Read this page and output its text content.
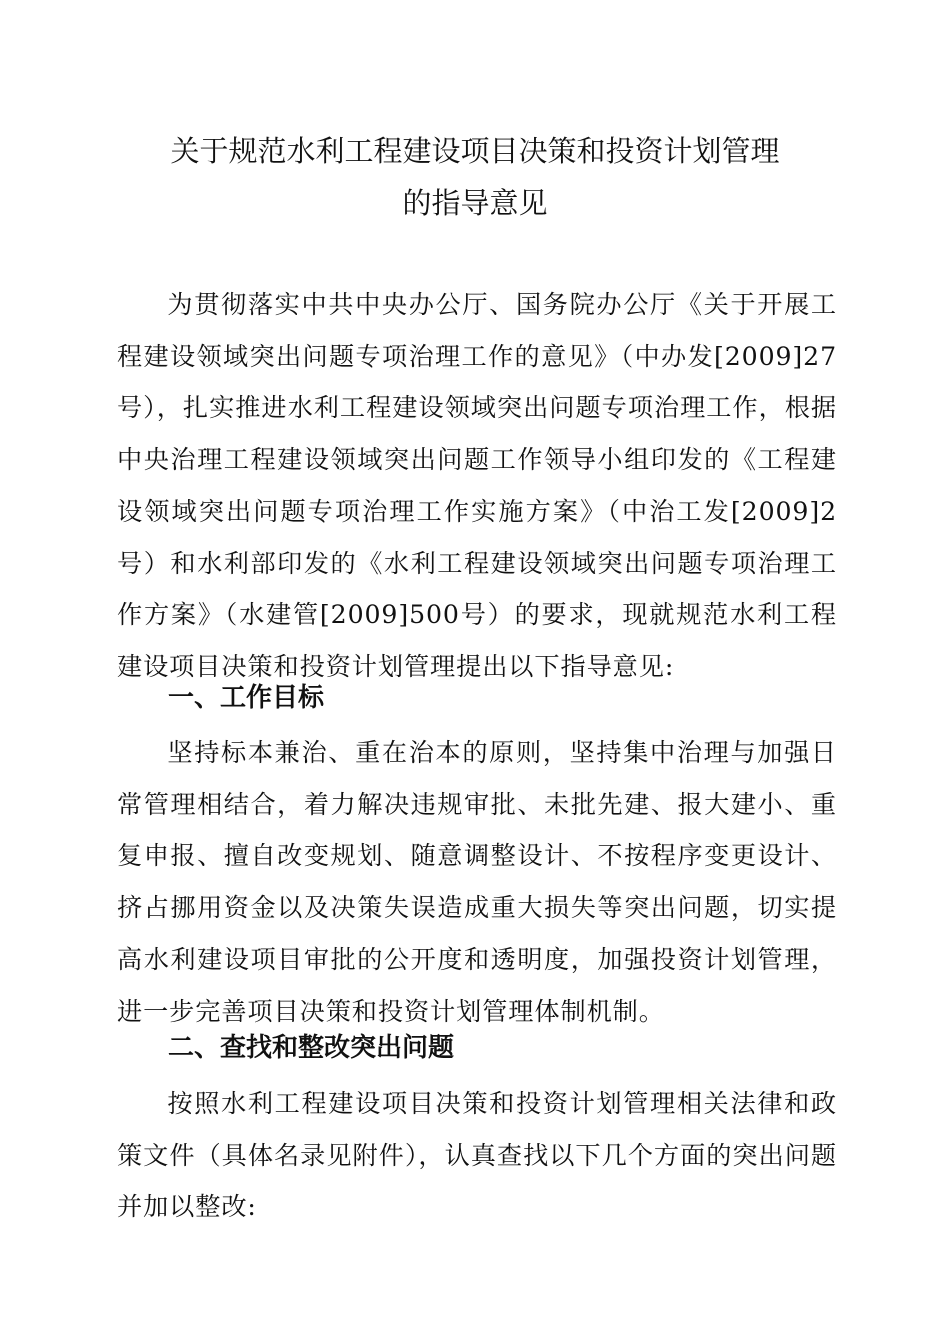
关于规范水利工程建设项目决策和投资计划管理
的指导意见

为贯彻落实中共中央办公厅、国务院办公厅《关于开展工程建设领域突出问题专项治理工作的意见》（中办发[2009]27号），扎实推进水利工程建设领域突出问题专项治理工作，根据中央治理工程建设领域突出问题工作领导小组印发的《工程建设领域突出问题专项治理工作实施方案》（中治工发[2009]2号）和水利部印发的《水利工程建设领域突出问题专项治理工作方案》（水建管[2009]500号）的要求，现就规范水利工程建设项目决策和投资计划管理提出以下指导意见:

一、工作目标

坚持标本兼治、重在治本的原则，坚持集中治理与加强日常管理相结合，着力解决违规审批、未批先建、报大建小、重复申报、擅自改变规划、随意调整设计、不按程序变更设计、挤占挪用资金以及决策失误造成重大损失等突出问题，切实提高水利建设项目审批的公开度和透明度，加强投资计划管理，进一步完善项目决策和投资计划管理体制机制。

二、查找和整改突出问题

按照水利工程建设项目决策和投资计划管理相关法律和政策文件（具体名录见附件），认真查找以下几个方面的突出问题并加以整改:
